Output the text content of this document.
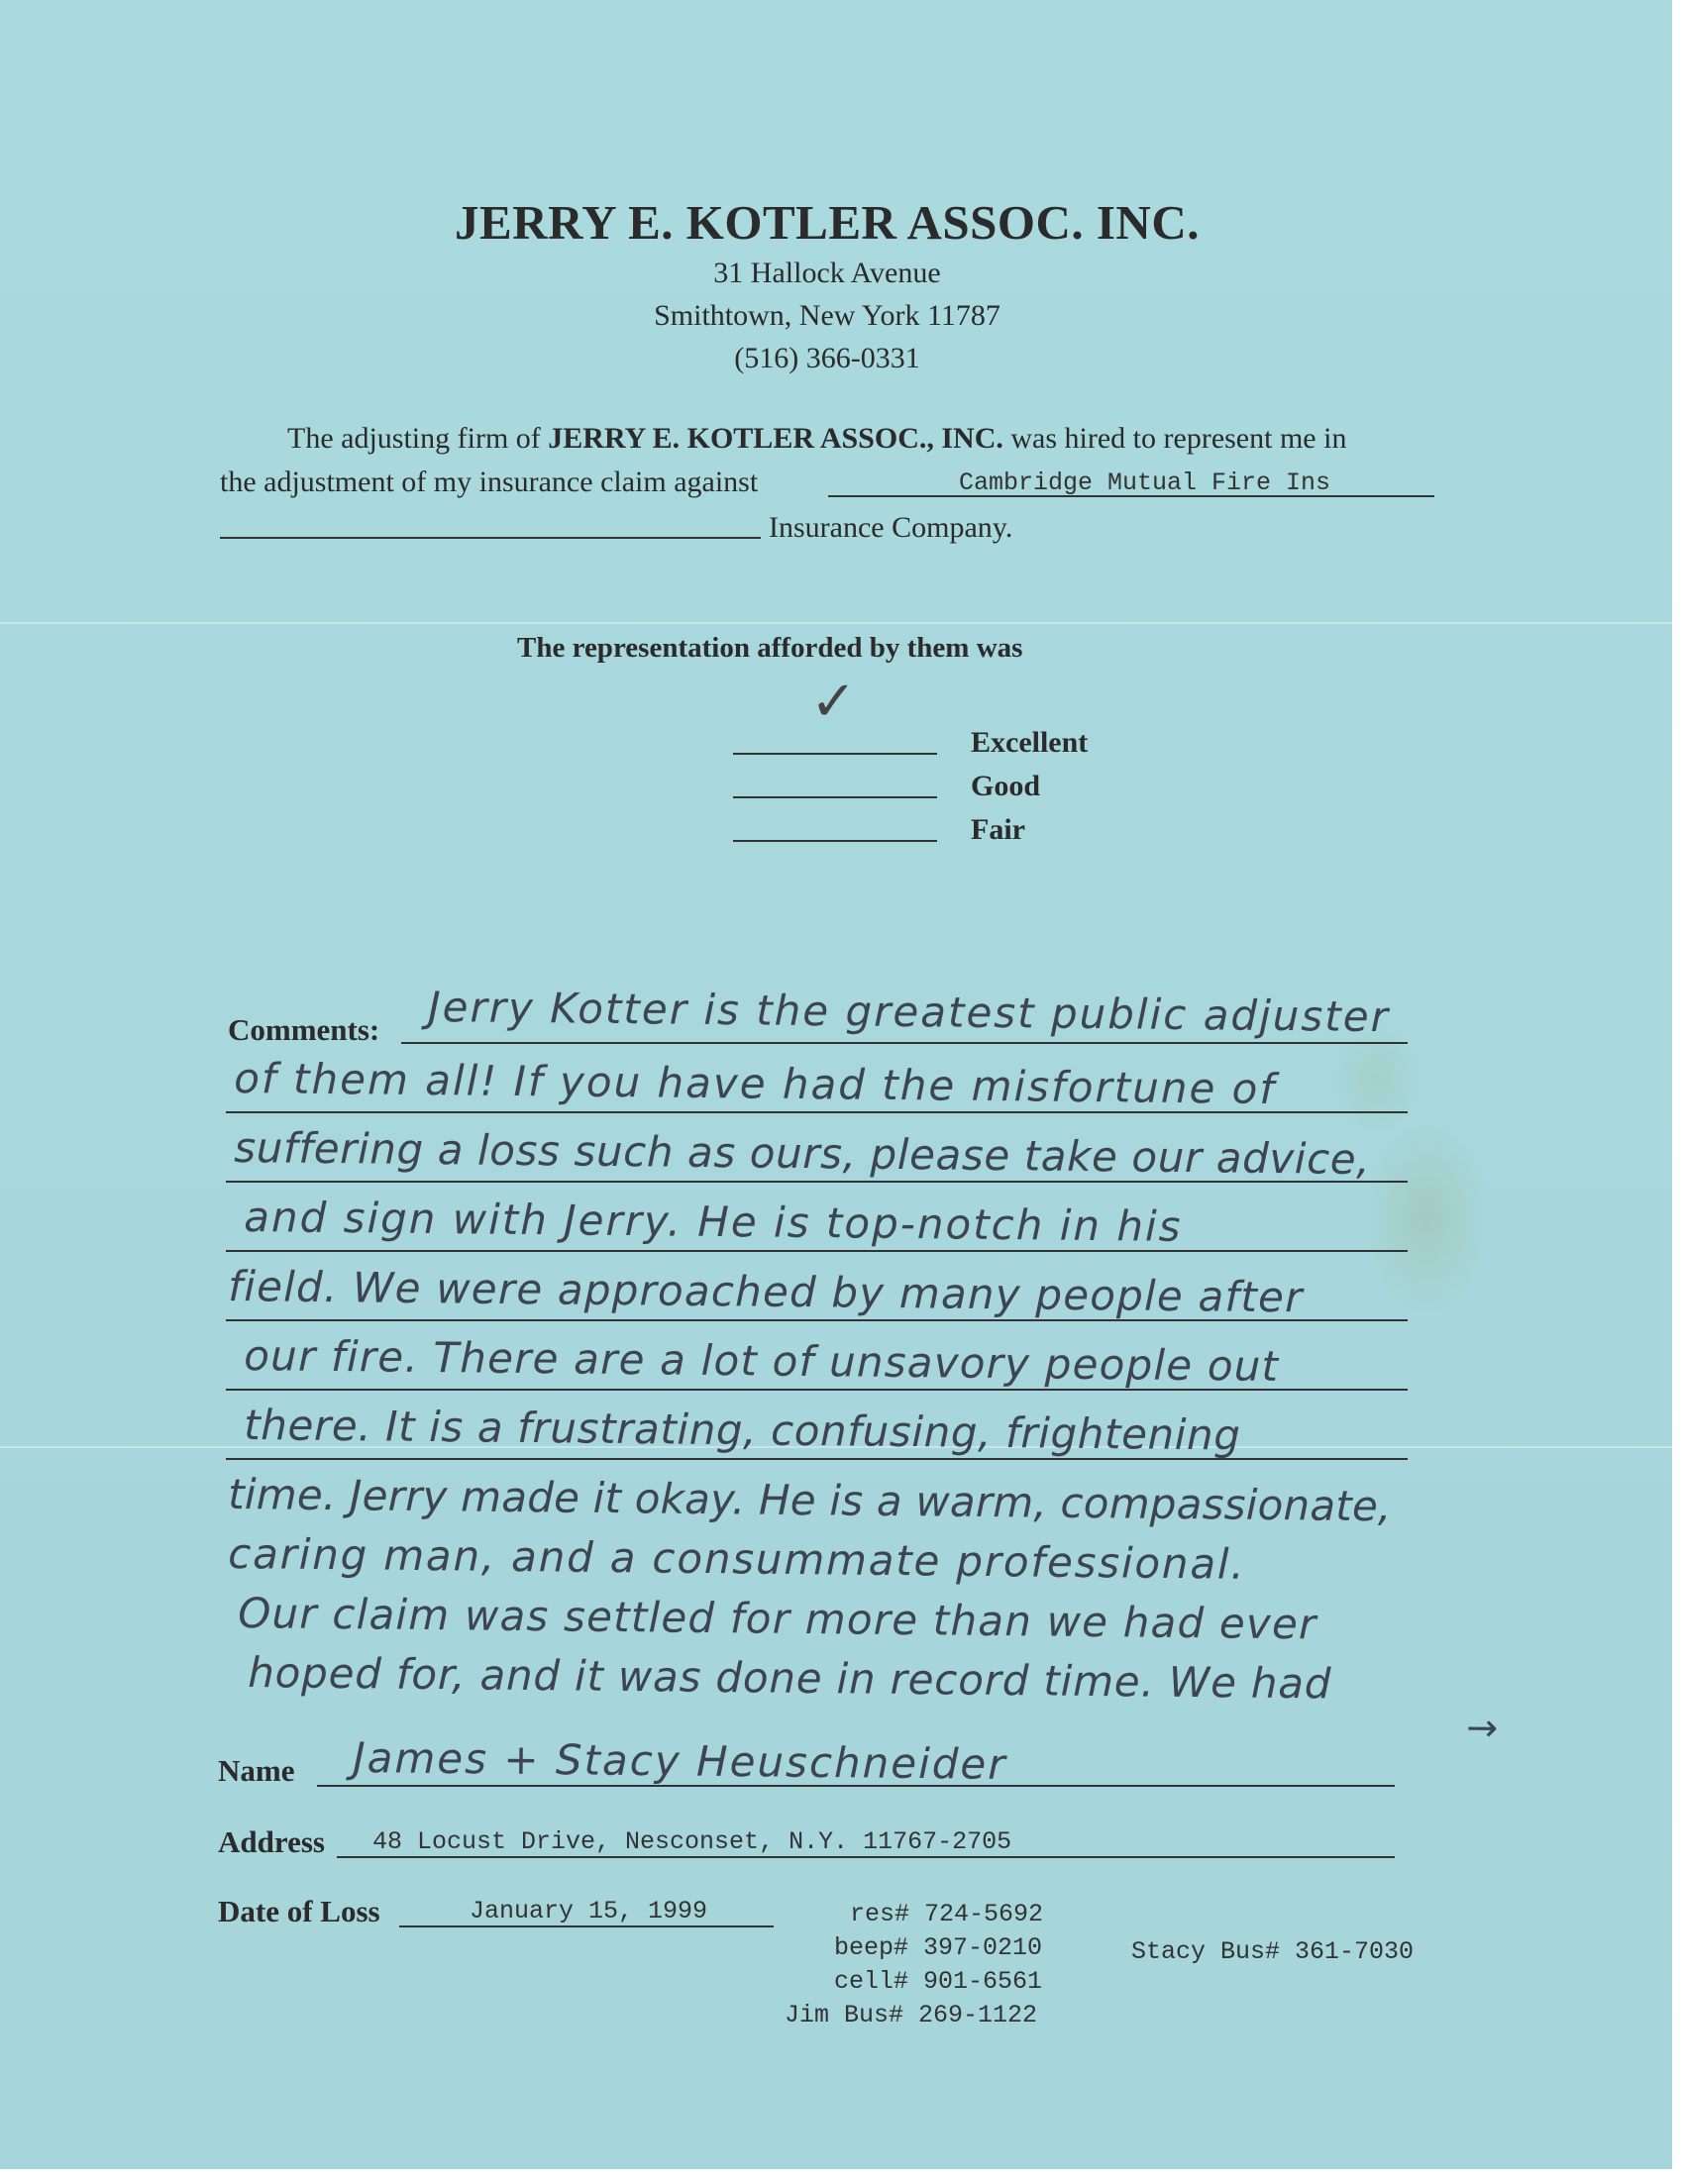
JERRY E. KOTLER ASSOC. INC.
31 Hallock Avenue
Smithtown, New York 11787
(516) 366-0331
The adjusting firm of JERRY E. KOTLER ASSOC., INC. was hired to represent me in
the adjustment of my insurance claim against	Cambridge Mutual Fire Ins
Insurance Company.
The representation afforded by them was
✓
Excellent
Good
Fair
Comments: Jerry Kotter is the greatest public adjuster
of them all! If you have had the misfortune of
suffering a loss such as ours, please take our advice,
and sign with Jerry. He is top-notch in his
field. We were approached by many people after
our fire. There are a lot of unsavory people out
there. It is a frustrating, confusing, frightening
time. Jerry made it okay. He is a warm, compassionate,
caring man, and a consummate professional.
Our claim was settled for more than we had ever
hoped for, and it was done in record time. We had
→
Name James + Stacy Heuschneider
Address 48 Locust Drive, Nesconset, N.Y. 11767-2705
Date of Loss	January 15, 1999	res# 724-5692
beep# 397-0210
cell# 901-6561
Jim Bus# 269-1122
Stacy Bus# 361-7030
